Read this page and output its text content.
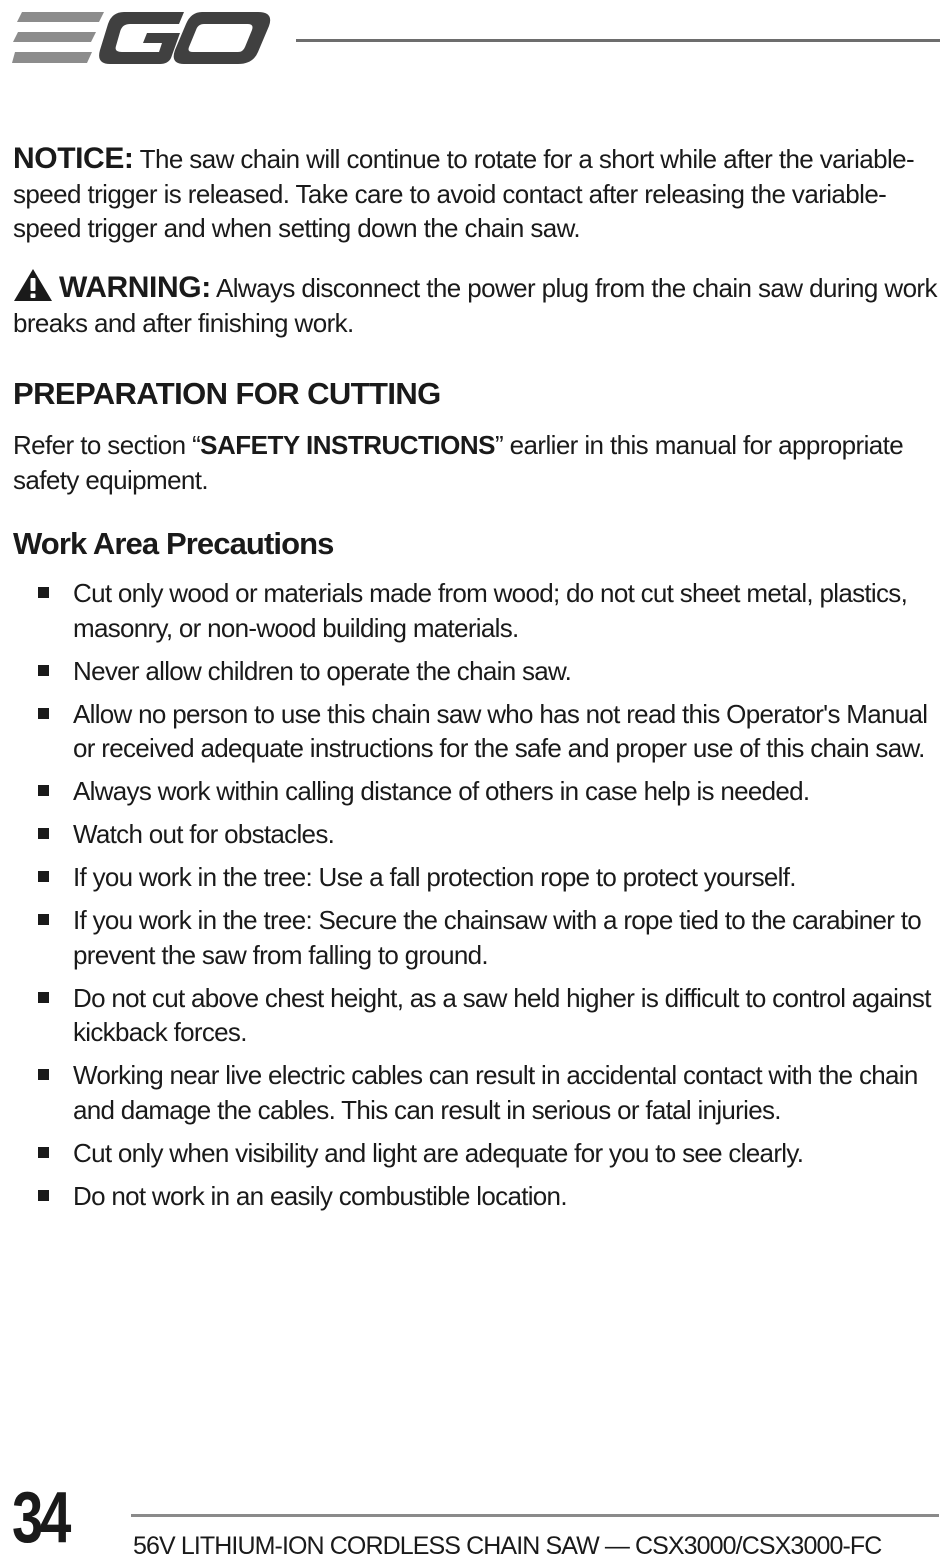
NOTICE: The saw chain will continue to rotate for a short while after the variable-speed trigger is released. Take care to avoid contact after releasing the variable-speed trigger and when setting down the chain saw.
WARNING: Always disconnect the power plug from the chain saw during work breaks and after finishing work.
PREPARATION FOR CUTTING
Refer to section “SAFETY INSTRUCTIONS” earlier in this manual for appropriate safety equipment.
Work Area Precautions
Cut only wood or materials made from wood; do not cut sheet metal, plastics, masonry, or non-wood building materials.
Never allow children to operate the chain saw.
Allow no person to use this chain saw who has not read this Operator's Manual or received adequate instructions for the safe and proper use of this chain saw.
Always work within calling distance of others in case help is needed.
Watch out for obstacles.
If you work in the tree: Use a fall protection rope to protect yourself.
If you work in the tree: Secure the chainsaw with a rope tied to the carabiner to prevent the saw from falling to ground.
Do not cut above chest height, as a saw held higher is difficult to control against kickback forces.
Working near live electric cables can result in accidental contact with the chain and damage the cables. This can result in serious or fatal injuries.
Cut only when visibility and light are adequate for you to see clearly.
Do not work in an easily combustible location.
34	56V LITHIUM-ION CORDLESS CHAIN SAW — CSX3000/CSX3000-FC
